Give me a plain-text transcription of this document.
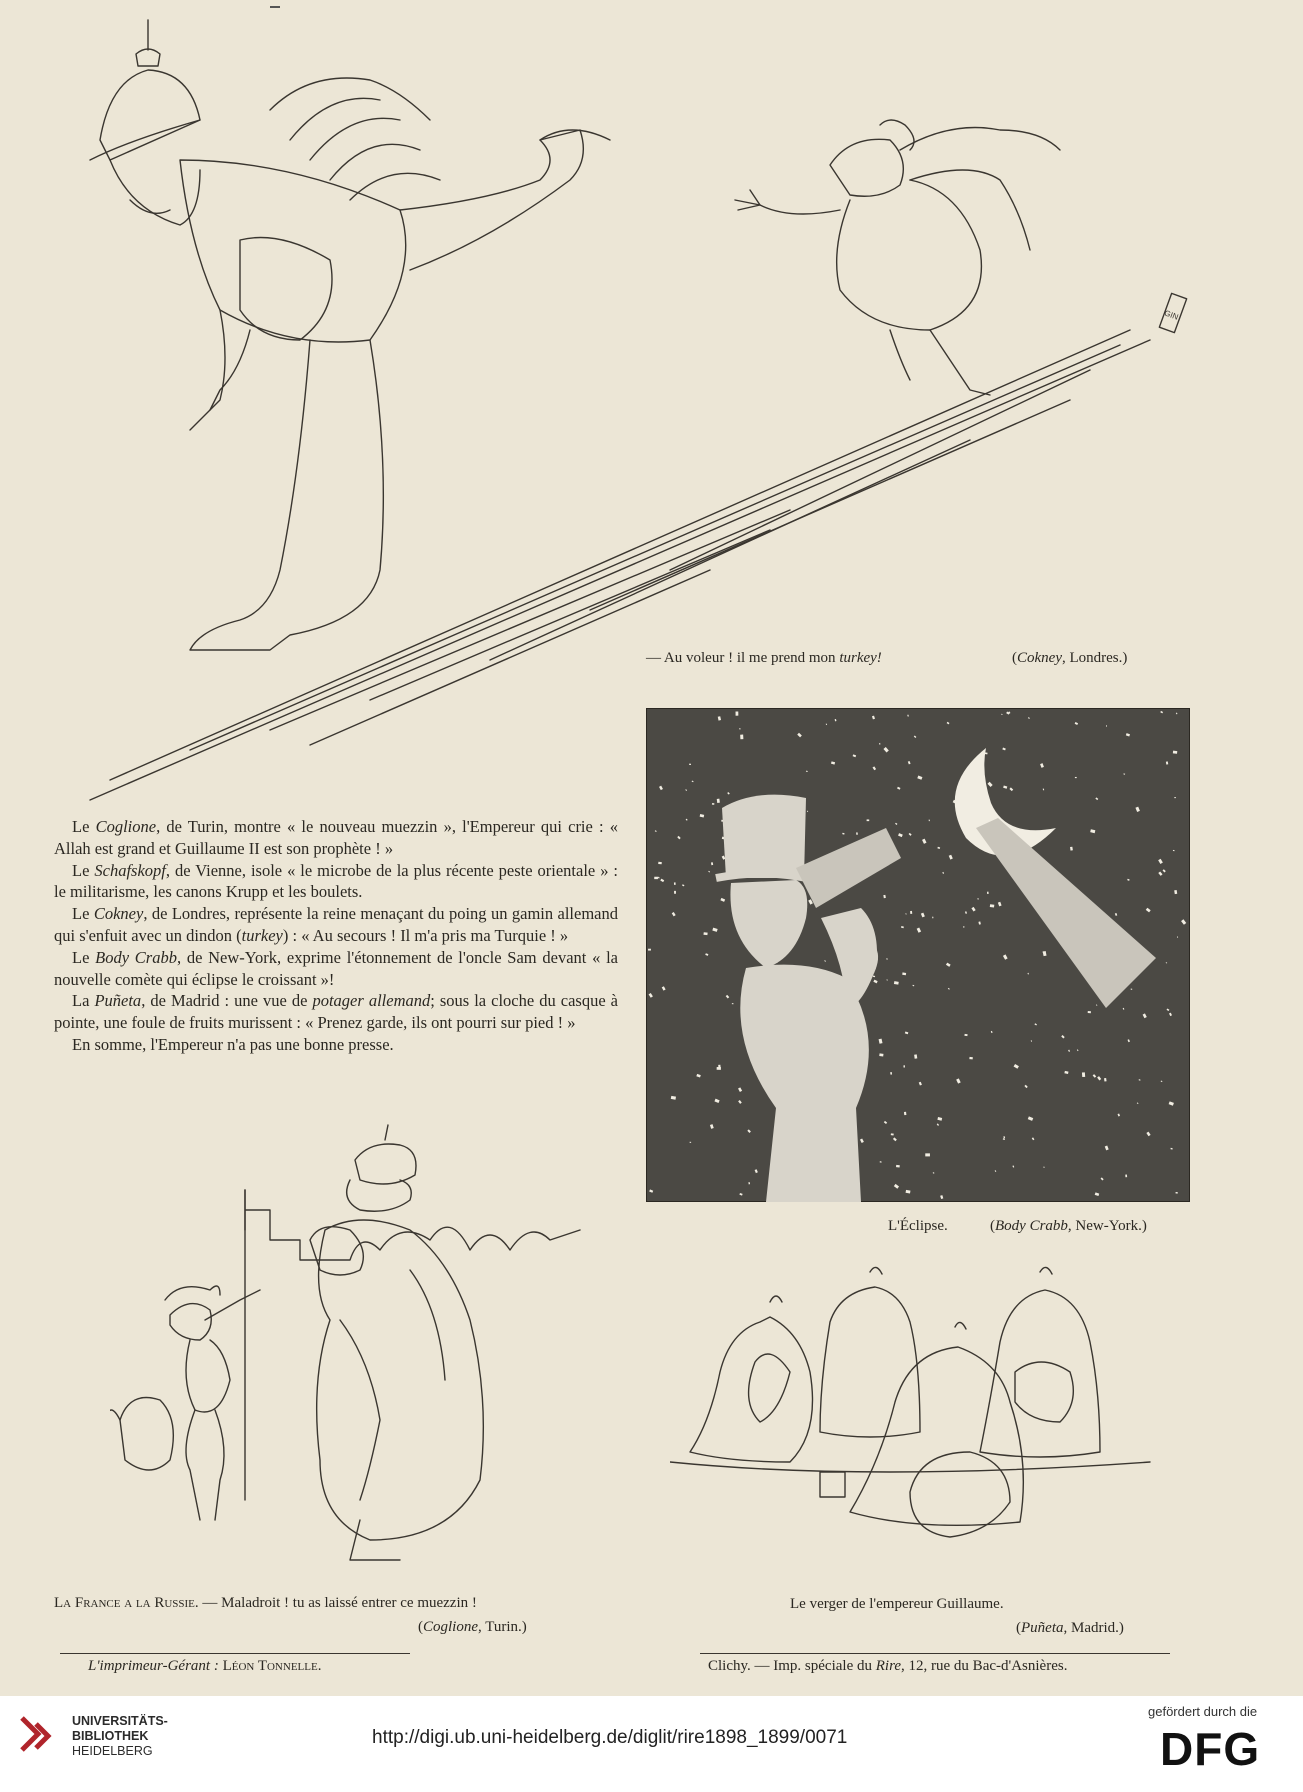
GIN
— Au voleur ! il me prend mon turkey!	(Cokney, Londres.)
L'Éclipse.	(Body Crabb, New-York.)

Le Coglione, de Turin, montre « le nouveau muezzin », l'Empereur qui crie : « Allah est grand et Guillaume II est son prophète ! »

Le Schafskopf, de Vienne, isole « le microbe de la plus récente peste orientale » : le militarisme, les canons Krupp et les boulets.

Le Cokney, de Londres, représente la reine menaçant du poing un gamin allemand qui s'enfuit avec un dindon (turkey) : « Au secours ! Il m'a pris ma Turquie ! »

Le Body Crabb, de New-York, exprime l'étonnement de l'oncle Sam devant « la nouvelle comète qui éclipse le croissant »!

La Puñeta, de Madrid : une vue de potager allemand; sous la cloche du casque à pointe, une foule de fruits murissent : « Prenez garde, ils ont pourri sur pied ! »

En somme, l'Empereur n'a pas une bonne presse.

La France a la Russie. — Maladroit ! tu as laissé entrer ce muezzin !
(Coglione, Turin.)
Le verger de l'empereur Guillaume.
(Puñeta, Madrid.)
L'imprimeur-Gérant : Léon Tonnelle.	Clichy. — Imp. spéciale du Rire, 12, rue du Bac-d'Asnières.
UNIVERSITÄTS-
BIBLIOTHEK
HEIDELBERG
http://digi.ub.uni-heidelberg.de/diglit/rire1898_1899/0071
gefördert durch die
DFG
